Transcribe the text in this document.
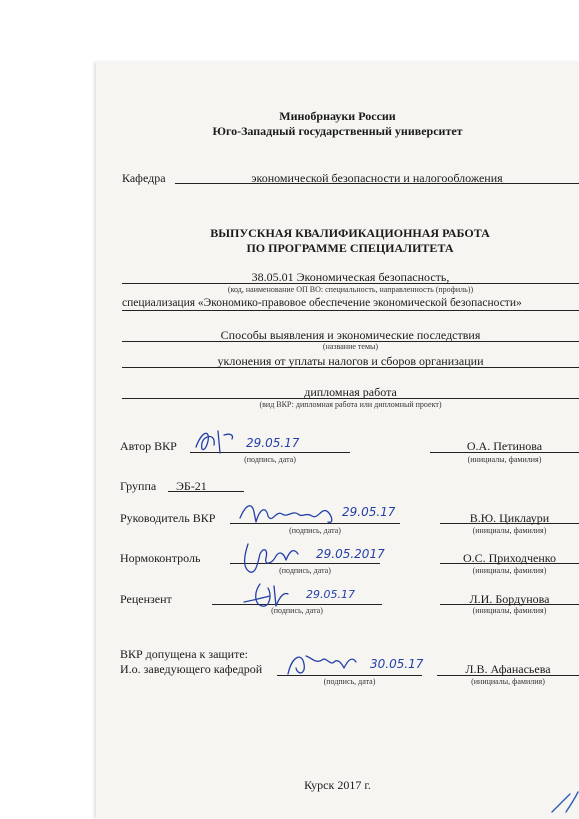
Минобрнауки России
Юго-Западный государственный университет
Кафедра	экономической безопасности и налогообложения
ВЫПУСКНАЯ КВАЛИФИКАЦИОННАЯ РАБОТА
ПО ПРОГРАММЕ СПЕЦИАЛИТЕТА
38.05.01 Экономическая безопасность,
(код, наименование ОП ВО: специальность, направленность (профиль))
специализация «Экономико-правовое обеспечение экономической безопасности»
Способы выявления и экономические последствия
(название темы)
уклонения от уплаты налогов и сборов организации
дипломная работа
(вид ВКР: дипломная работа или дипломный проект)
Автор ВКР
(подпись, дата)
29.05.17	О.А. Петинова
(инициалы, фамилия)
Группа ЭБ-21
Руководитель ВКР
(подпись, дата)
29.05.17	В.Ю. Циклаури
(инициалы, фамилия)
Нормоконтроль
(подпись, дата)
29.05.2017	О.С. Приходченко
(инициалы, фамилия)
Рецензент
(подпись, дата)
29.05.17	Л.И. Бордунова
(инициалы, фамилия)
ВКР допущена к защите:
И.о. заведующего кафедрой
(подпись, дата)
30.05.17	Л.В. Афанасьева
(инициалы, фамилия)
Курск 2017 г.
